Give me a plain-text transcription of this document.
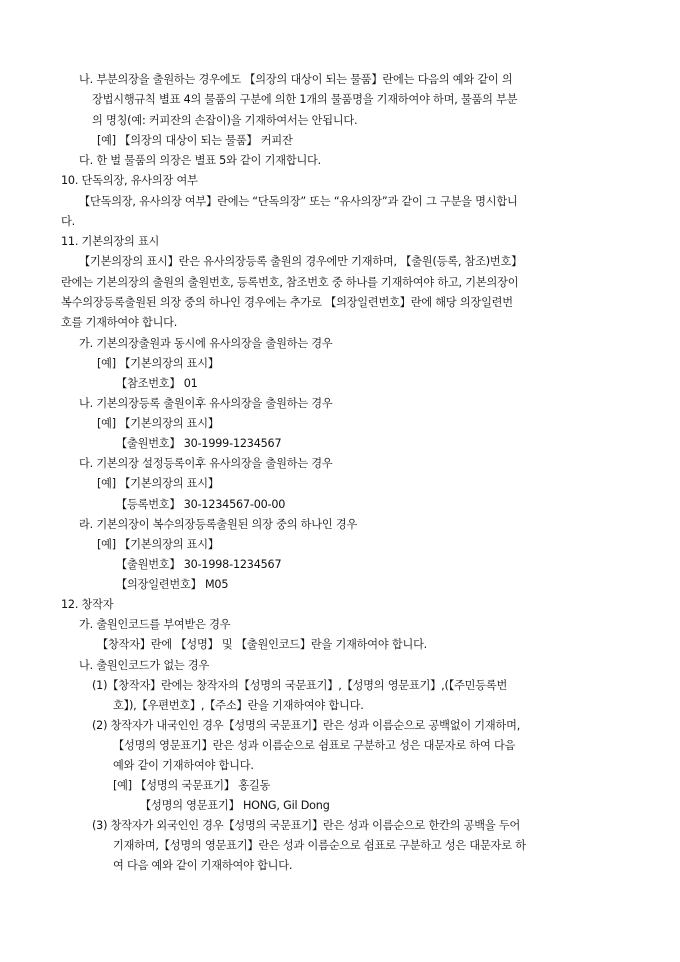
나. 부분의장을 출원하는 경우에도 【의장의 대상이 되는 물품】란에는 다음의 예와 같이 의
장법시행규칙 별표 4의 물품의 구분에 의한 1개의 물품명을 기재하여야 하며, 물품의 부분
의 명칭(예: 커피잔의 손잡이)을 기재하여서는 안됩니다.
[예] 【의장의 대상이 되는 물품】 커피잔
다. 한 벌 물품의 의장은 별표 5와 같이 기재합니다.
10. 단독의장, 유사의장 여부
【단독의장, 유사의장 여부】란에는 “단독의장” 또는 “유사의장”과 같이 그 구분을 명시합니
다.
11. 기본의장의 표시
【기본의장의 표시】란은 유사의장등록 출원의 경우에만 기재하며, 【출원(등록, 참조)번호】
란에는 기본의장의 출원의 출원번호, 등록번호, 참조번호 중 하나를 기재하여야 하고, 기본의장이
복수의장등록출원된 의장 중의 하나인 경우에는 추가로 【의장일련번호】란에 해당 의장일련번
호를 기재하여야 합니다.
가. 기본의장출원과 동시에 유사의장을 출원하는 경우
[예] 【기본의장의 표시】
【참조번호】 01
나. 기본의장등록 출원이후 유사의장을 출원하는 경우
[예] 【기본의장의 표시】
【출원번호】 30-1999-1234567
다. 기본의장 설정등록이후 유사의장을 출원하는 경우
[예] 【기본의장의 표시】
【등록번호】 30-1234567-00-00
라. 기본의장이 복수의장등록출원된 의장 중의 하나인 경우
[예] 【기본의장의 표시】
【출원번호】 30-1998-1234567
【의장일련번호】 M05
12. 창작자
가. 출원인코드를 부여받은 경우
【창작자】란에 【성명】 및 【출원인코드】란을 기재하여야 합니다.
나. 출원인코드가 없는 경우
(1)【창작자】란에는 창작자의【성명의 국문표기】,【성명의 영문표기】,(【주민등록번
호】),【우편번호】,【주소】란을 기재하여야 합니다.
(2) 창작자가 내국인인 경우【성명의 국문표기】란은 성과 이름순으로 공백없이 기재하며,
【성명의 영문표기】란은 성과 이름순으로 쉼표로 구분하고 성은 대문자로 하여 다음
예와 같이 기재하여야 합니다.
[예] 【성명의 국문표기】 홍길동
【성명의 영문표기】 HONG, Gil Dong
(3) 창작자가 외국인인 경우【성명의 국문표기】란은 성과 이름순으로 한칸의 공백을 두어
기재하며,【성명의 영문표기】란은 성과 이름순으로 쉼표로 구분하고 성은 대문자로 하
여 다음 예와 같이 기재하여야 합니다.
